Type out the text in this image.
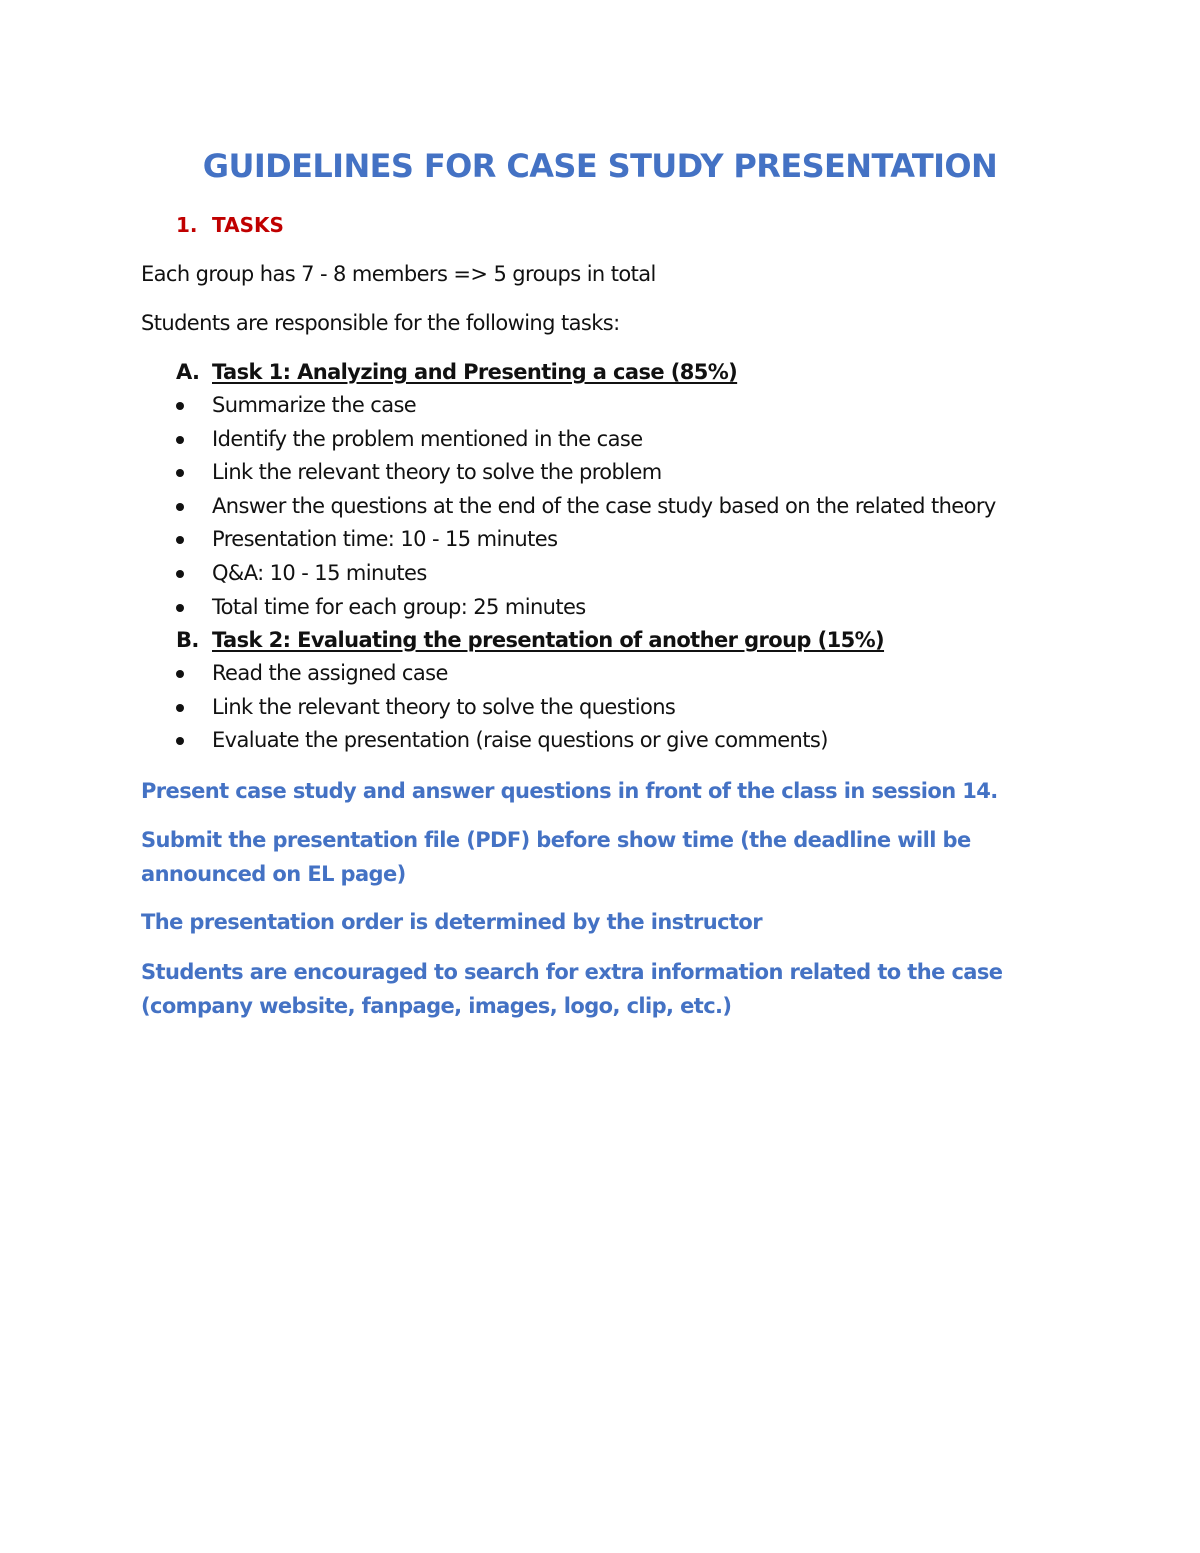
GUIDELINES FOR CASE STUDY PRESENTATION
1. TASKS
Each group has 7 - 8 members => 5 groups in total
Students are responsible for the following tasks:
A. Task 1: Analyzing and Presenting a case (85%)
Summarize the case
Identify the problem mentioned in the case
Link the relevant theory to solve the problem
Answer the questions at the end of the case study based on the related theory
Presentation time: 10 - 15 minutes
Q&A: 10 - 15 minutes
Total time for each group: 25 minutes
B. Task 2: Evaluating the presentation of another group (15%)
Read the assigned case
Link the relevant theory to solve the questions
Evaluate the presentation (raise questions or give comments)
Present case study and answer questions in front of the class in session 14.
Submit the presentation file (PDF) before show time (the deadline will be announced on EL page)
The presentation order is determined by the instructor
Students are encouraged to search for extra information related to the case (company website, fanpage, images, logo, clip, etc.)
